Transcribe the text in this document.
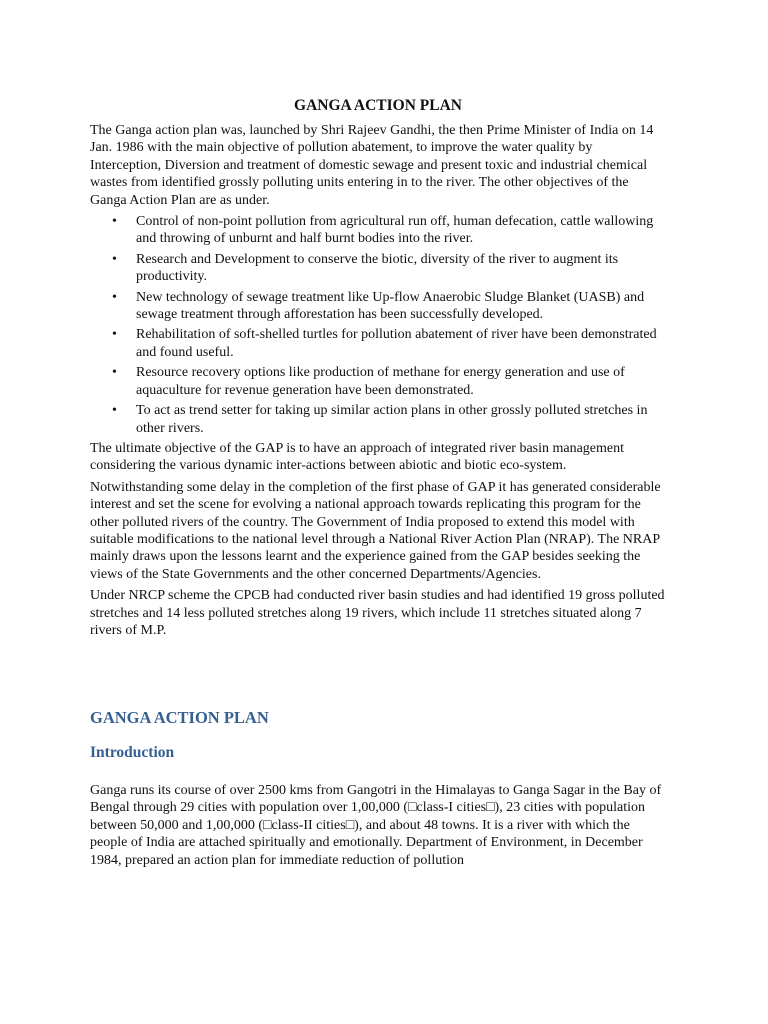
GANGA ACTION PLAN

The Ganga action plan was, launched by Shri Rajeev Gandhi, the then Prime Minister of India on 14 Jan. 1986 with the main objective of pollution abatement, to improve the water quality by Interception, Diversion and treatment of domestic sewage and present toxic and industrial chemical wastes from identified grossly polluting units entering in to the river. The other objectives of the Ganga Action Plan are as under.

• Control of non-point pollution from agricultural run off, human defecation, cattle wallowing and throwing of unburnt and half burnt bodies into the river.
• Research and Development to conserve the biotic, diversity of the river to augment its productivity.
• New technology of sewage treatment like Up-flow Anaerobic Sludge Blanket (UASB) and sewage treatment through afforestation has been successfully developed.
• Rehabilitation of soft-shelled turtles for pollution abatement of river have been demonstrated and found useful.
• Resource recovery options like production of methane for energy generation and use of aquaculture for revenue generation have been demonstrated.
• To act as trend setter for taking up similar action plans in other grossly polluted stretches in other rivers.

The ultimate objective of the GAP is to have an approach of integrated river basin management considering the various dynamic inter-actions between abiotic and biotic eco-system.

Notwithstanding some delay in the completion of the first phase of GAP it has generated considerable interest and set the scene for evolving a national approach towards replicating this program for the other polluted rivers of the country. The Government of India proposed to extend this model with suitable modifications to the national level through a National River Action Plan (NRAP). The NRAP mainly draws upon the lessons learnt and the experience gained from the GAP besides seeking the views of the State Governments and the other concerned Departments/Agencies.

Under NRCP scheme the CPCB had conducted river basin studies and had identified 19 gross polluted stretches and 14 less polluted stretches along 19 rivers, which include 11 stretches situated along 7 rivers of M.P.

GANGA ACTION PLAN
Introduction

Ganga runs its course of over 2500 kms from Gangotri in the Himalayas to Ganga Sagar in the Bay of Bengal through 29 cities with population over 1,00,000 (□class-I cities□), 23 cities with population between 50,000 and 1,00,000 (□class-II cities□), and about 48 towns. It is a river with which the people of India are attached spiritually and emotionally. Department of Environment, in December 1984, prepared an action plan for immediate reduction of pollution
